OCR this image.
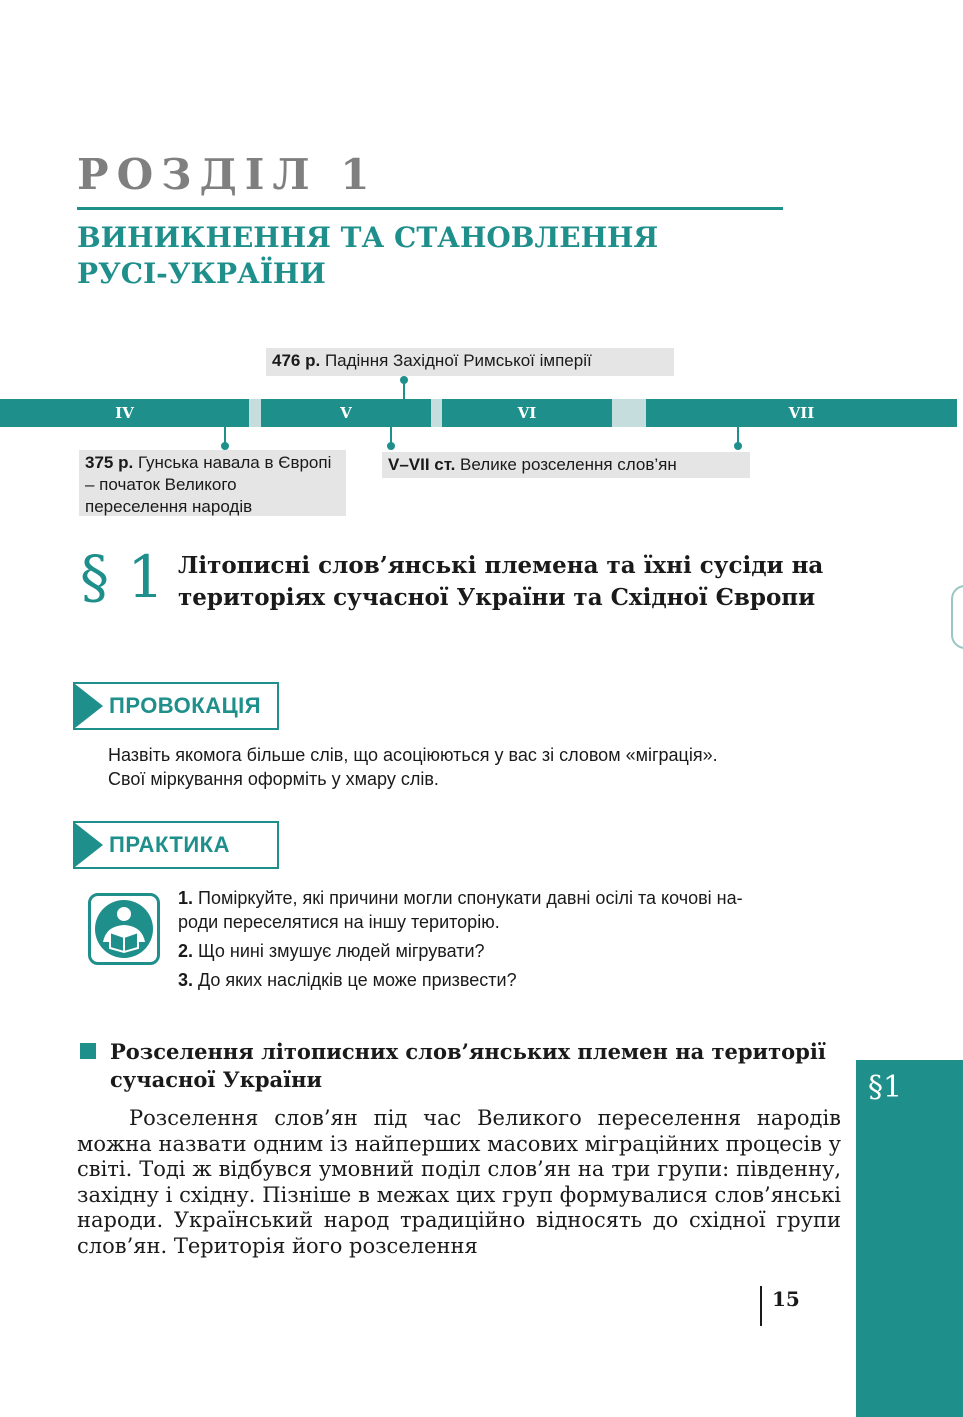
РОЗДІЛ 1
ВИНИКНЕННЯ ТА СТАНОВЛЕННЯ
РУСІ-УКРАЇНИ
476 р. Падіння Західної Римської імперії
IV	V	VI	VII
375 р. Гунська навала в Європі – початок Великого переселення народів
V–VII ст. Велике розселення слов’ян
§ 1 Літописні слов’янські племена та їхні сусіди на територіях сучасної України та Східної Європи
ПРОВОКАЦІЯ
Назвіть якомога більше слів, що асоціюються у вас зі словом «міграція».
Свої міркування оформіть у хмару слів.
ПРАКТИКА
1. Поміркуйте, які причини могли спонукати давні осілі та кочові на-
роди переселятися на іншу територію.
2. Що нині змушує людей мігрувати?
3. До яких наслідків це може призвести?
Розселення літописних слов’янських племен на території
сучасної України

Розселення слов’ян під час Великого переселення народів можна назвати одним із найперших масових міграційних процесів у світі. Тоді ж відбувся умовний поділ слов’ян на три групи: південну, західну і східну. Пізніше в межах цих груп формувалися слов’янські народи. Український народ традиційно відносять до східної групи слов’ян. Територія його розселення

15
§1
